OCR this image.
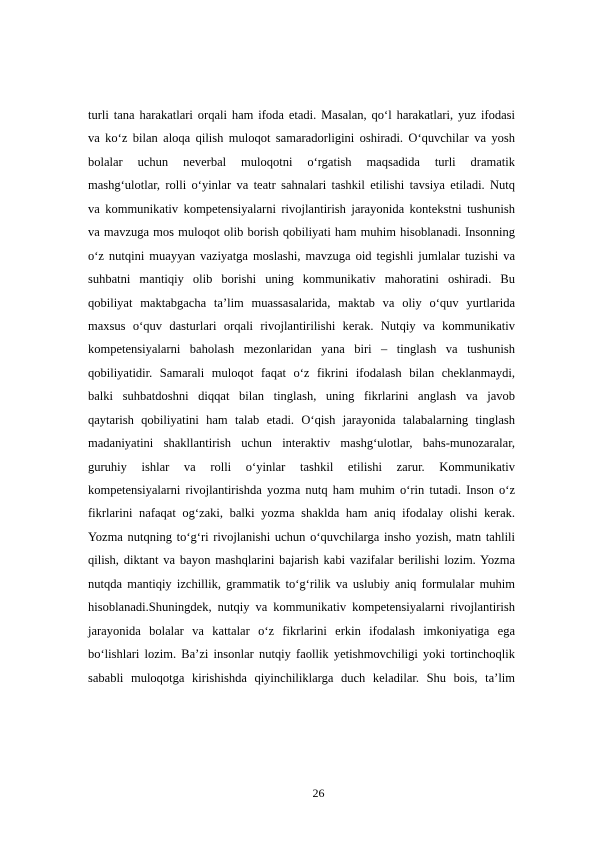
turli tana harakatlari orqali ham ifoda etadi. Masalan, qo‘l harakatlari, yuz ifodasi
va ko‘z bilan aloqa qilish muloqot samaradorligini oshiradi. O‘quvchilar va yosh
bolalar uchun neverbal muloqotni o‘rgatish maqsadida turli dramatik
mashg‘ulotlar, rolli o‘yinlar va teatr sahnalari tashkil etilishi tavsiya etiladi. Nutq
va kommunikativ kompetensiyalarni rivojlantirish jarayonida kontekstni tushunish
va mavzuga mos muloqot olib borish qobiliyati ham muhim hisoblanadi. Insonning
o‘z nutqini muayyan vaziyatga moslashi, mavzuga oid tegishli jumlalar tuzishi va
suhbatni mantiqiy olib borishi uning kommunikativ mahoratini oshiradi. Bu
qobiliyat maktabgacha ta’lim muassasalarida, maktab va oliy o‘quv yurtlarida
maxsus o‘quv dasturlari orqali rivojlantirilishi kerak. Nutqiy va kommunikativ
kompetensiyalarni baholash mezonlaridan yana biri – tinglash va tushunish
qobiliyatidir. Samarali muloqot faqat o‘z fikrini ifodalash bilan cheklanmaydi,
balki suhbatdoshni diqqat bilan tinglash, uning fikrlarini anglash va javob
qaytarish qobiliyatini ham talab etadi. O‘qish jarayonida talabalarning tinglash
madaniyatini shakllantirish uchun interaktiv mashg‘ulotlar, bahs-munozaralar,
guruhiy ishlar va rolli o‘yinlar tashkil etilishi zarur. Kommunikativ
kompetensiyalarni rivojlantirishda yozma nutq ham muhim o‘rin tutadi. Inson o‘z
fikrlarini nafaqat og‘zaki, balki yozma shaklda ham aniq ifodalay olishi kerak.
Yozma nutqning to‘g‘ri rivojlanishi uchun o‘quvchilarga insho yozish, matn tahlili
qilish, diktant va bayon mashqlarini bajarish kabi vazifalar berilishi lozim. Yozma
nutqda mantiqiy izchillik, grammatik to‘g‘rilik va uslubiy aniq formulalar muhim
hisoblanadi.Shuningdek, nutqiy va kommunikativ kompetensiyalarni rivojlantirish
jarayonida bolalar va kattalar o‘z fikrlarini erkin ifodalash imkoniyatiga ega
bo‘lishlari lozim. Ba’zi insonlar nutqiy faollik yetishmovchiligi yoki tortinchoqlik
sababli muloqotga kirishishda qiyinchiliklarga duch keladilar. Shu bois, ta’lim
26
